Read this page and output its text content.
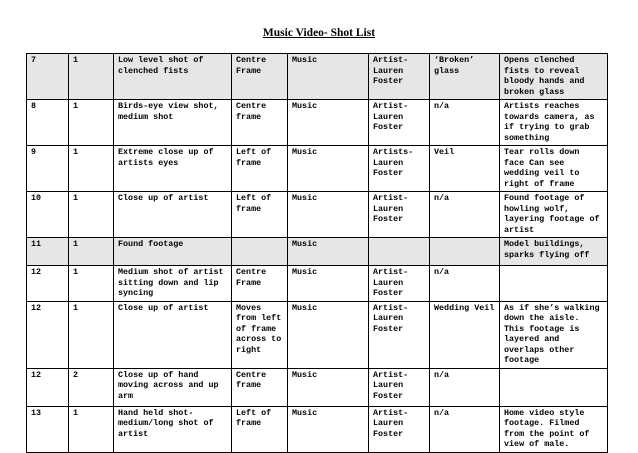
Music Video- Shot List
7	1	Low level shot of clenched fists	Centre Frame	Music	Artist- Lauren Foster	‘Broken’ glass	Opens clenched fists to reveal bloody hands and broken glass
8	1	Birds-eye view shot, medium shot	Centre frame	Music	Artist- Lauren Foster	n/a	Artists reaches towards camera, as if trying to grab something
9	1	Extreme close up of artists eyes	Left of frame	Music	Artists- Lauren Foster	Veil	Tear rolls down face Can see wedding veil to right of frame
10	1	Close up of artist	Left of frame	Music	Artist- Lauren Foster	n/a	Found footage of howling wolf, layering footage of artist
11	1	Found footage		Music			Model buildings, sparks flying off
12	1	Medium shot of artist sitting down and lip syncing	Centre Frame	Music	Artist- Lauren Foster	n/a	
12	1	Close up of artist	Moves from left of frame across to right	Music	Artist- Lauren Foster	Wedding Veil	As if she’s walking down the aisle. This footage is layered and overlaps other footage
12	2	Close up of hand moving across and up arm	Centre frame	Music	Artist- Lauren Foster	n/a	
13	1	Hand held shot- medium/long shot of artist	Left of frame	Music	Artist- Lauren Foster	n/a	Home video style footage. Filmed from the point of view of male.
